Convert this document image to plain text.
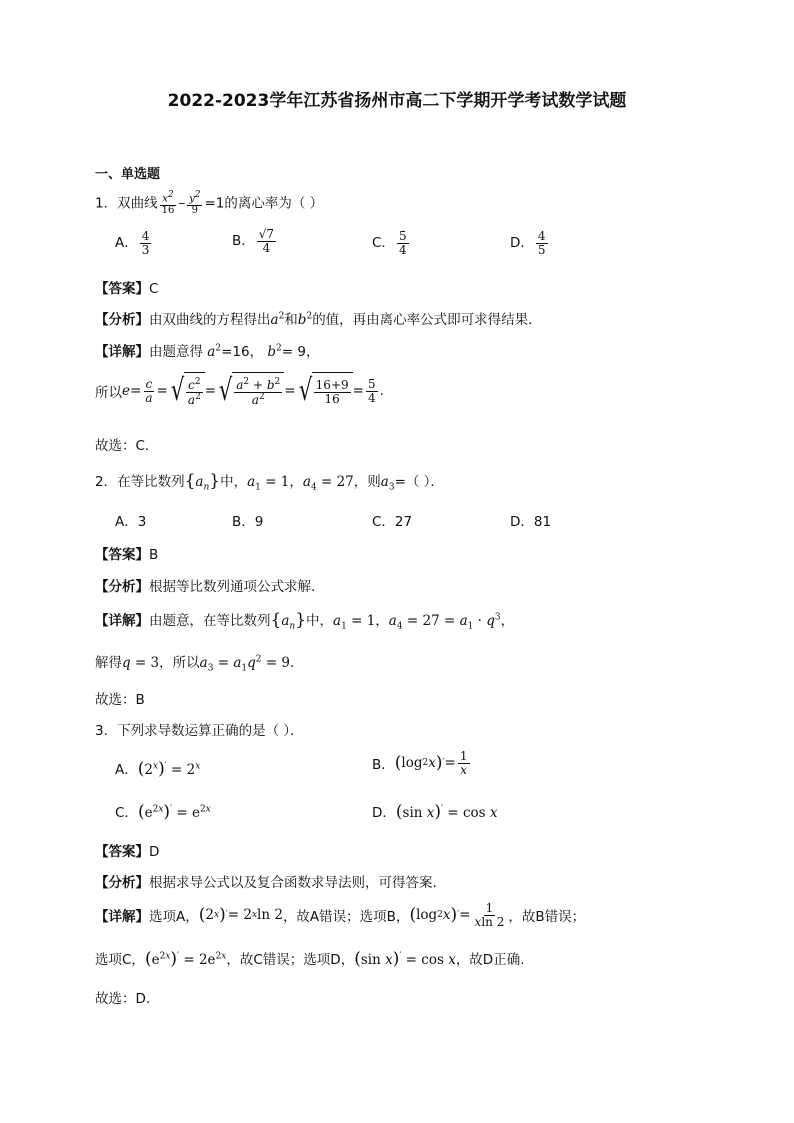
2022-2023学年江苏省扬州市高二下学期开学考试数学试题
一、单选题
1．双曲线 $\frac{x^2}{16} - \frac{y^2}{9} =1$的离心率为（ ）
A． $\frac{4}{3}$	B． $\frac{√7}{4}$	C． $\frac{5}{4}$	D． $\frac{4}{5}$
【答案】C
【分析】由双曲线的方程得出$a^2$和$b^2$的值，再由离心率公式即可求得结果．
【详解】由题意得 $a^2=16$， $b^2= 9$，
所以 $e = \frac{c}{a}$ = √ $\frac{c^2}{a^2}$ = √ $\frac{a^2 + b^2}{a^2}$ = √ $\frac{16+9}{16} = \frac{5}{4}$ .
故选：C．
2．在等比数列$\{a_n\}$中，$a_1 = 1$，$a_4 = 27$，则$a_3=$（ ）．
A．3	B．9	C．27	D．81
【答案】B
【分析】根据等比数列通项公式求解.
【详解】由题意，在等比数列$\{a_n\}$中，$a_1 = 1$，$a_4 = 27 = a_1 \cdot q^3$，
解得q = 3，所以$a_3 = a_1q^2 = 9$.
故选：B
3．下列求导数运算正确的是（ ）．
A．$(2^x)' = 2^x$	B． ( log 2 x ) ′ = $\frac{1}{x}$
C．$(e^{2x})' = e^{2x}$	D．(sin x)′ = cos x
【答案】D
【分析】根据求导公式以及复合函数求导法则，可得答案.
【详解】 选项A， ( 2 x ) ′ = 2 x ln 2 ，故A错误；选项B， ( log 2 x ) ′ = $\frac{1}{xln 2}$ ，故B错误；
选项C，$(e^{2x})' = 2e^{2x}$，故C错误；选项D，(sin x)′ = cos x，故D正确.
故选：D.
